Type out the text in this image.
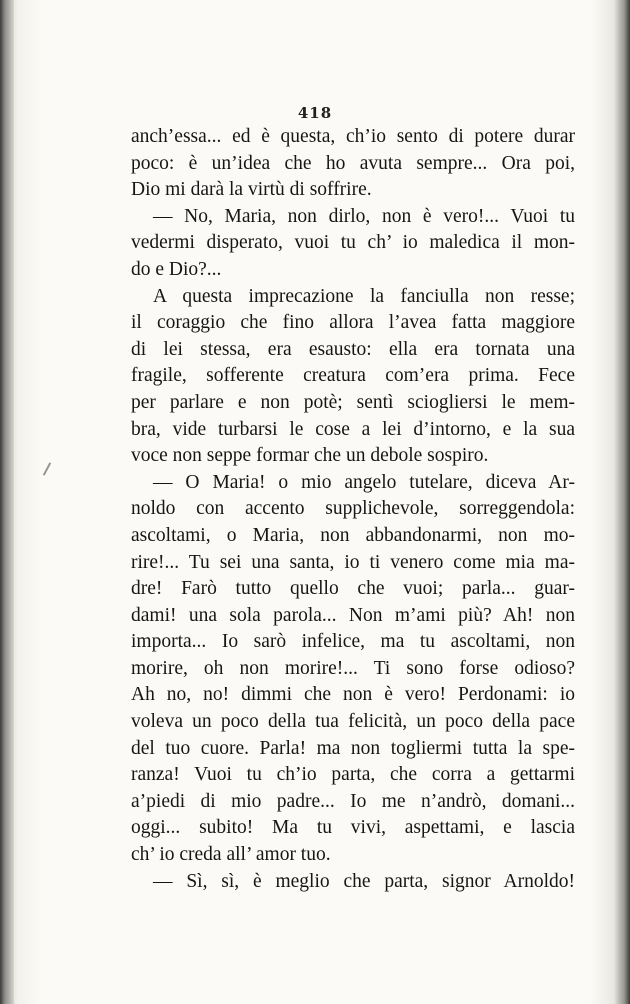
418
anch’essa... ed è questa, ch’io sento di potere durar
poco: è un’idea che ho avuta sempre... Ora poi,
Dio mi darà la virtù di soffrire.
— No, Maria, non dirlo, non è vero!... Vuoi tu
vedermi disperato, vuoi tu ch’ io maledica il mon-
do e Dio?...
A questa imprecazione la fanciulla non resse;
il coraggio che fino allora l’avea fatta maggiore
di lei stessa, era esausto: ella era tornata una
fragile, sofferente creatura com’era prima. Fece
per parlare e non potè; sentì sciogliersi le mem-
bra, vide turbarsi le cose a lei d’intorno, e la sua
voce non seppe formar che un debole sospiro.
— O Maria! o mio angelo tutelare, diceva Ar-
noldo con accento supplichevole, sorreggendola:
ascoltami, o Maria, non abbandonarmi, non mo-
rire!... Tu sei una santa, io ti venero come mia ma-
dre! Farò tutto quello che vuoi; parla... guar-
dami! una sola parola... Non m’ami più? Ah! non
importa... Io sarò infelice, ma tu ascoltami, non
morire, oh non morire!... Ti sono forse odioso?
Ah no, no! dimmi che non è vero! Perdonami: io
voleva un poco della tua felicità, un poco della pace
del tuo cuore. Parla! ma non togliermi tutta la spe-
ranza! Vuoi tu ch’io parta, che corra a gettarmi
a’piedi di mio padre... Io me n’andrò, domani...
oggi... subito! Ma tu vivi, aspettami, e lascia
ch’ io creda all’ amor tuo.
— Sì, sì, è meglio che parta, signor Arnoldo!
